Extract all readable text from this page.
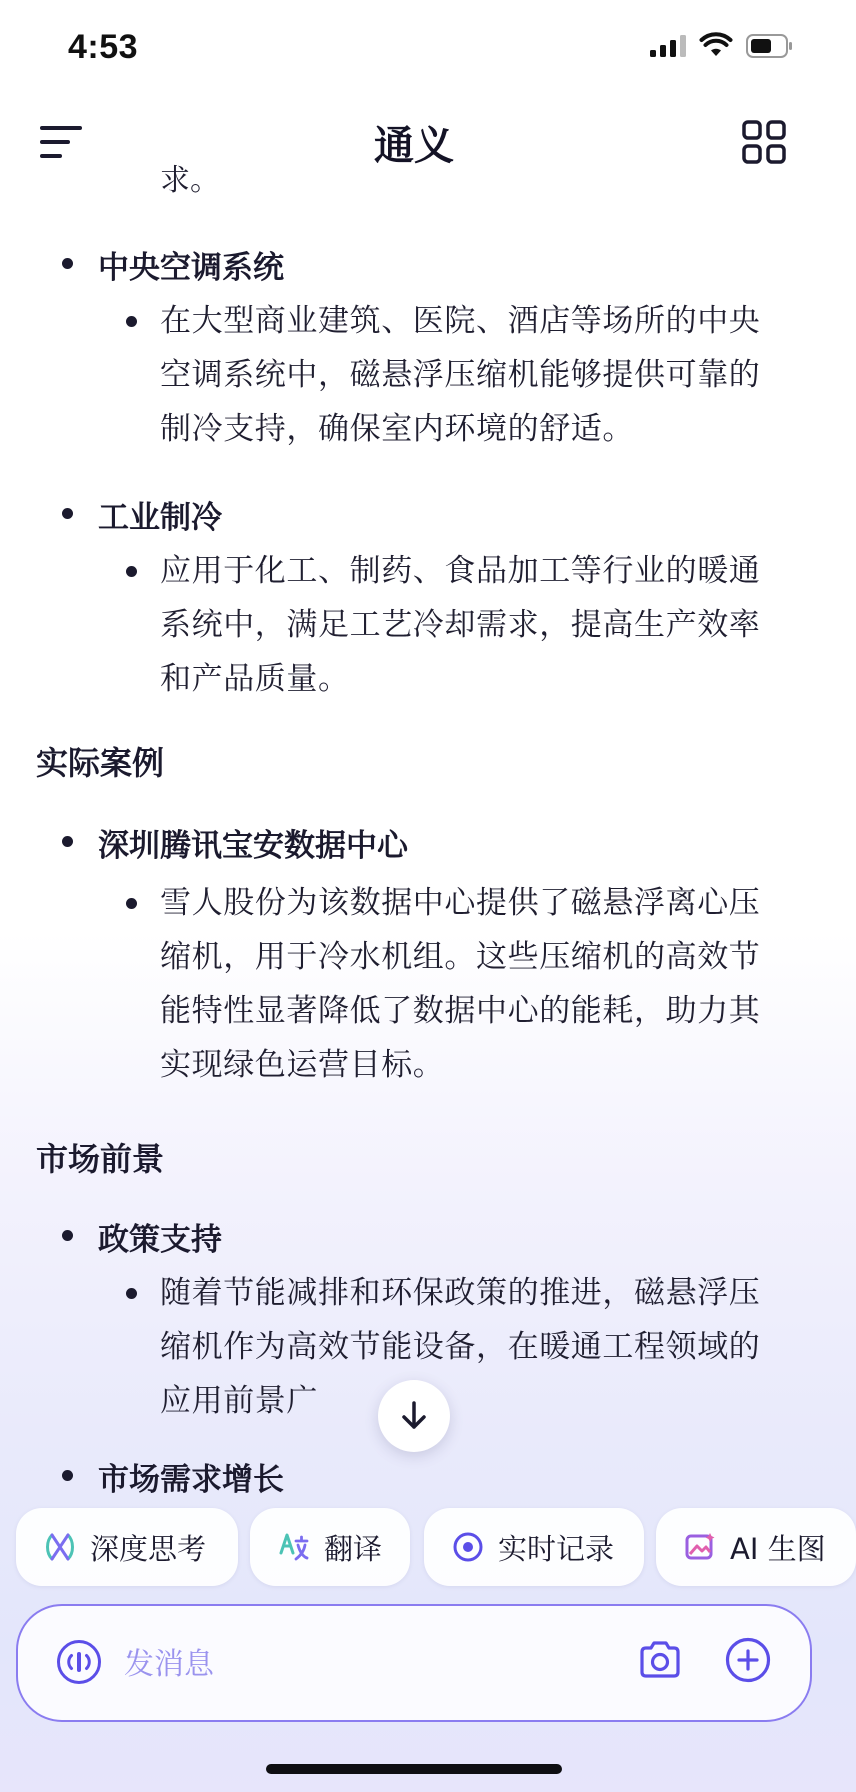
4:53
通义
求。
中央空调系统
在大型商业建筑、医院、酒店等场所的中央空调系统中，磁悬浮压缩机能够提供可靠的制冷支持，确保室内环境的舒适。
工业制冷
应用于化工、制药、食品加工等行业的暖通系统中，满足工艺冷却需求，提高生产效率和产品质量。
实际案例
深圳腾讯宝安数据中心
雪人股份为该数据中心提供了磁悬浮离心压缩机，用于冷水机组。这些压缩机的高效节能特性显著降低了数据中心的能耗，助力其实现绿色运营目标。
市场前景
政策支持
随着节能减排和环保政策的推进，磁悬浮压缩机作为高效节能设备，在暖通工程领域的应用前景广
市场需求增长
深度思考	翻译	实时记录	AI 生图
发消息
